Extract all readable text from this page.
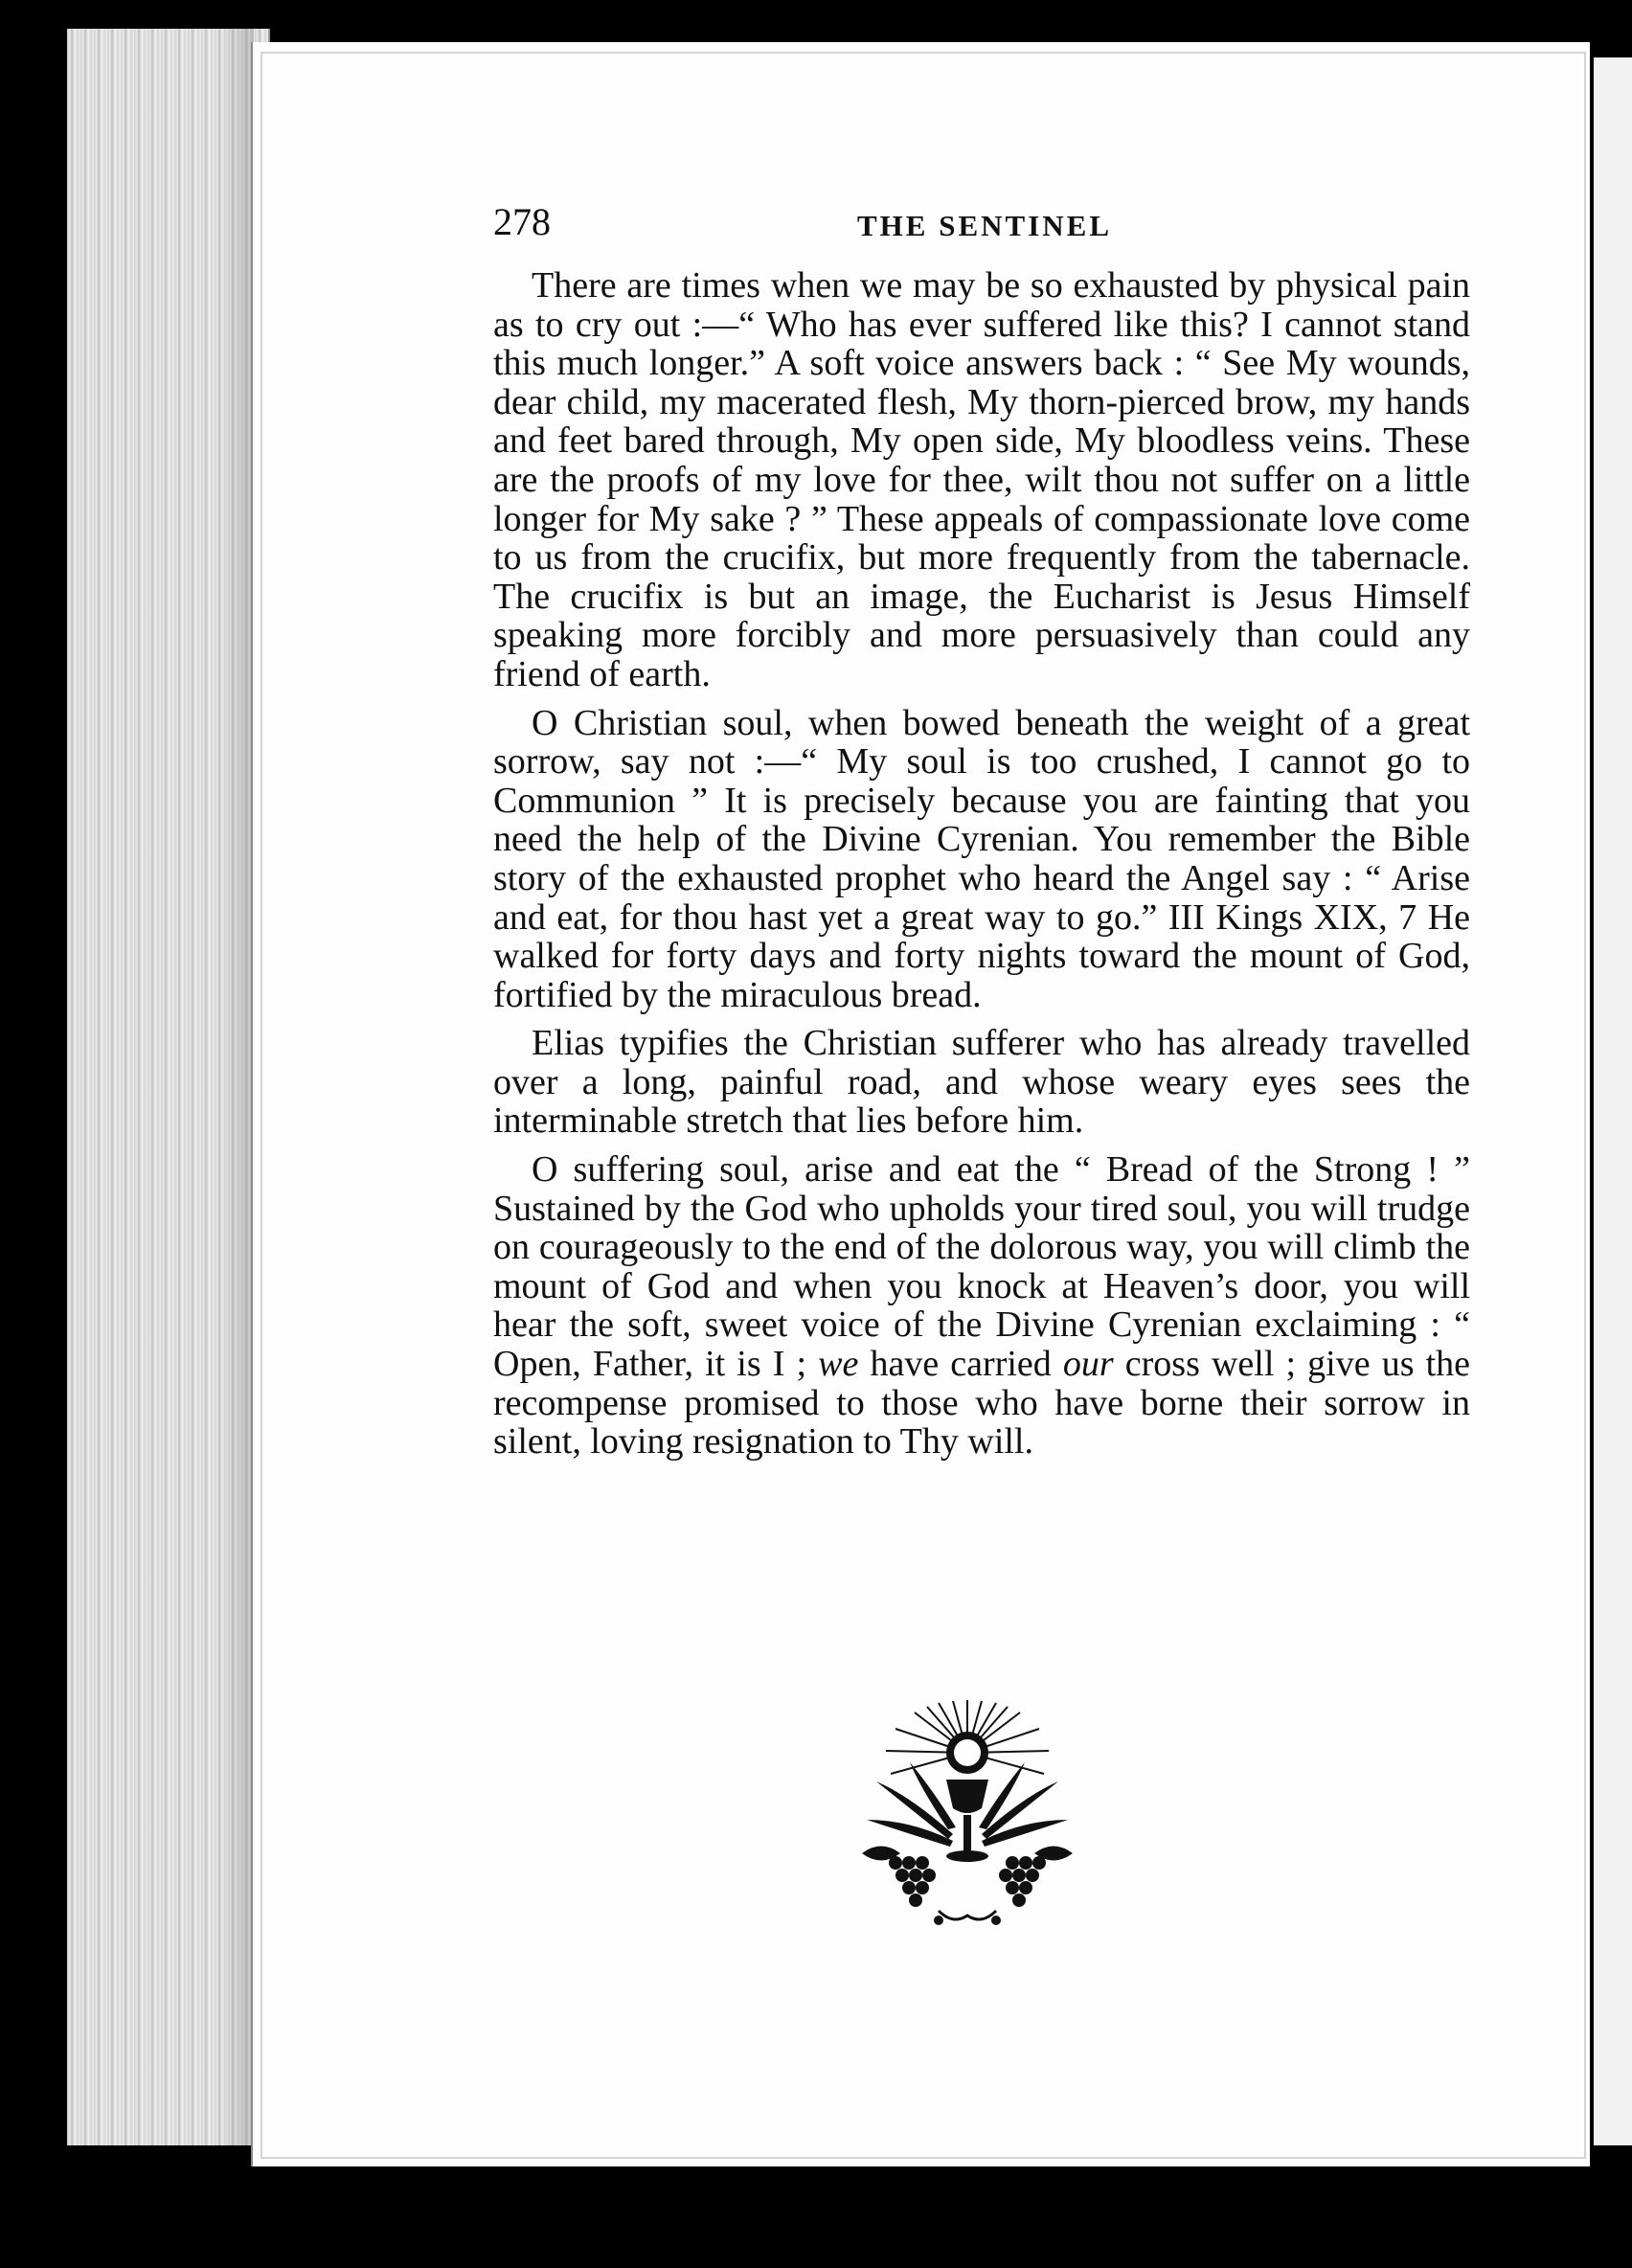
278	THE SENTINEL

There are times when we may be so exhausted by physical pain as to cry out :—“ Who has ever suffered like this? I cannot stand this much longer.” A soft voice answers back : “ See My wounds, dear child, my macerated flesh, My thorn-pierced brow, my hands and feet bared through, My open side, My bloodless veins. These are the proofs of my love for thee, wilt thou not suffer on a little longer for My sake ? ” These appeals of compassionate love come to us from the crucifix, but more frequently from the tabernacle. The crucifix is but an image, the Eucharist is Jesus Himself speaking more forcibly and more persuasively than could any friend of earth.

O Christian soul, when bowed beneath the weight of a great sorrow, say not :—“ My soul is too crushed, I cannot go to Communion ” It is precisely because you are fainting that you need the help of the Divine Cyrenian. You remember the Bible story of the exhausted prophet who heard the Angel say : “ Arise and eat, for thou hast yet a great way to go.” III Kings XIX, 7 He walked for forty days and forty nights toward the mount of God, fortified by the miraculous bread.

Elias typifies the Christian sufferer who has already travelled over a long, painful road, and whose weary eyes sees the interminable stretch that lies before him.

O suffering soul, arise and eat the “ Bread of the Strong ! ” Sustained by the God who upholds your tired soul, you will trudge on courageously to the end of the dolorous way, you will climb the mount of God and when you knock at Heaven’s door, you will hear the soft, sweet voice of the Divine Cyrenian exclaiming : “ Open, Father, it is I ; we have carried our cross well ; give us the recompense promised to those who have borne their sorrow in silent, loving resignation to Thy will.
